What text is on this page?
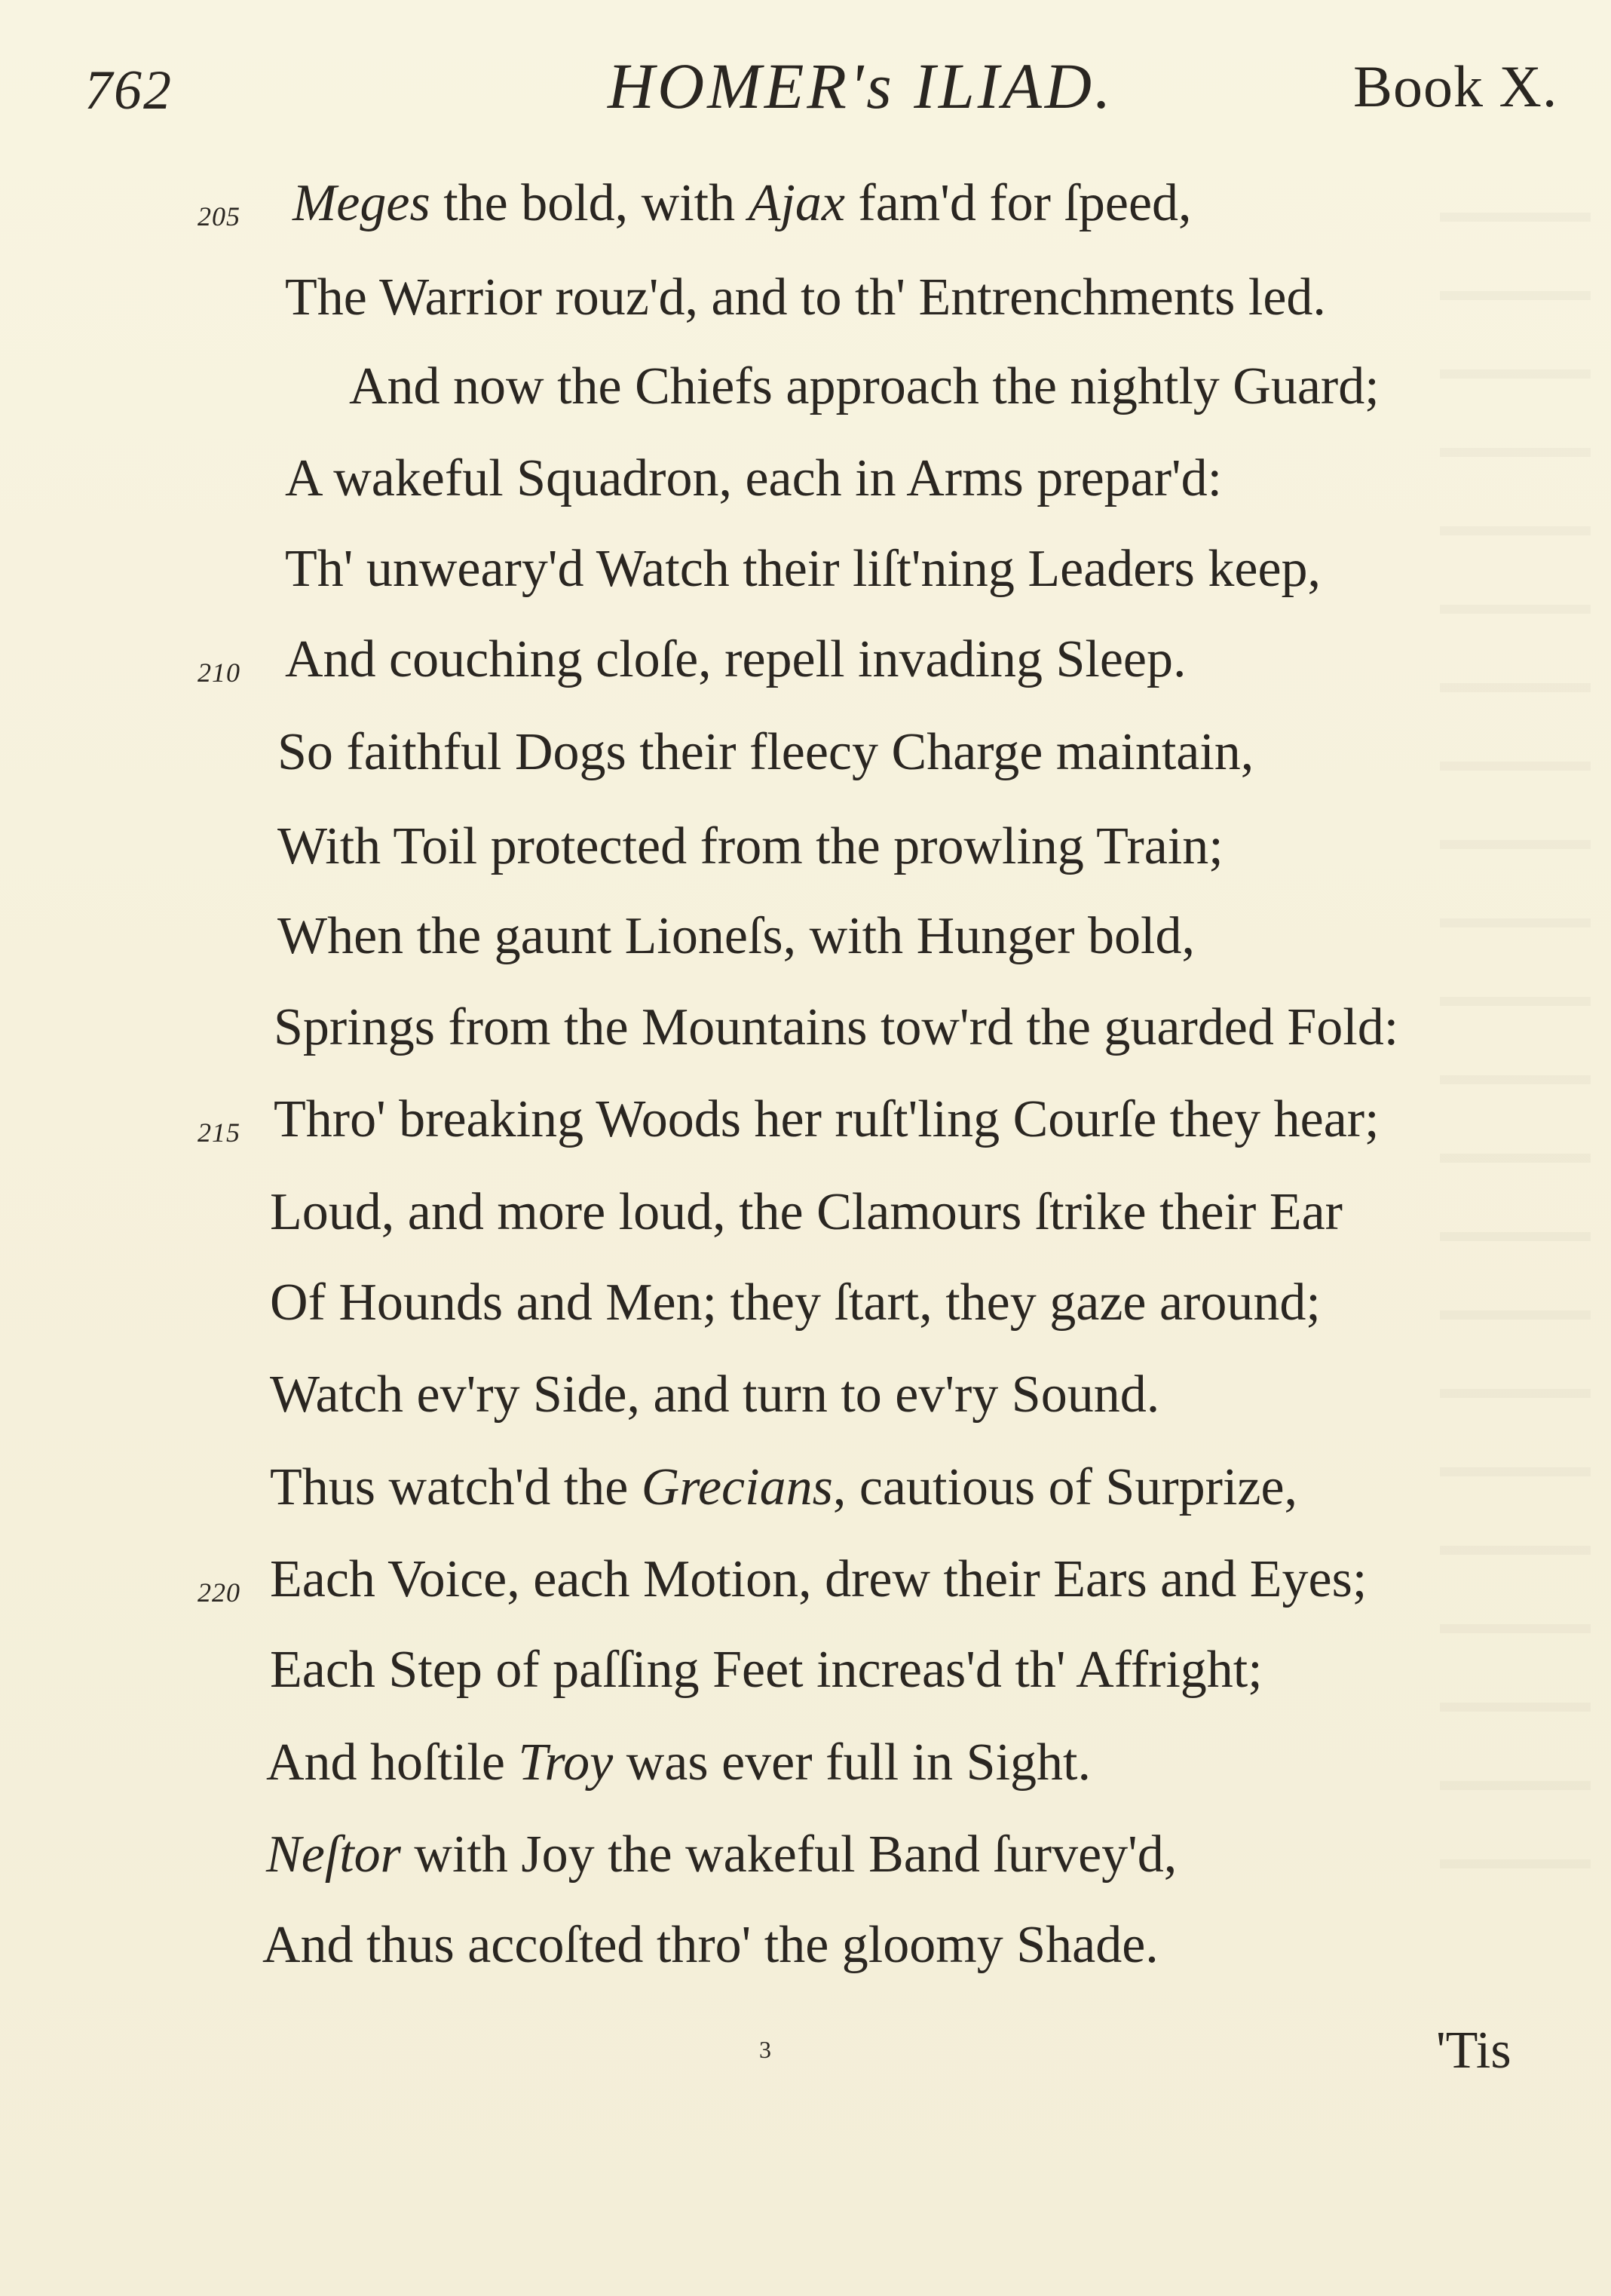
762	HOMER's ILIAD.	Book X.
205 Meges the bold, with Ajax fam'd for ſpeed,
The Warrior rouz'd, and to th' Entrenchments led.
And now the Chiefs approach the nightly Guard;
A wakeful Squadron, each in Arms prepar'd:
Th' unweary'd Watch their liſt'ning Leaders keep,
210 And couching cloſe, repell invading Sleep.
So faithful Dogs their fleecy Charge maintain,
With Toil protected from the prowling Train;
When the gaunt Lioneſs, with Hunger bold,
Springs from the Mountains tow'rd the guarded Fold:
215 Thro' breaking Woods her ruſt'ling Courſe they hear;
Loud, and more loud, the Clamours ſtrike their Ear
Of Hounds and Men; they ſtart, they gaze around;
Watch ev'ry Side, and turn to ev'ry Sound.
Thus watch'd the Grecians, cautious of Surprize,
220 Each Voice, each Motion, drew their Ears and Eyes;
Each Step of paſſing Feet increas'd th' Affright;
And hoſtile Troy was ever full in Sight.
Neſtor with Joy the wakeful Band ſurvey'd,
And thus accoſted thro' the gloomy Shade.
3	'Tis
